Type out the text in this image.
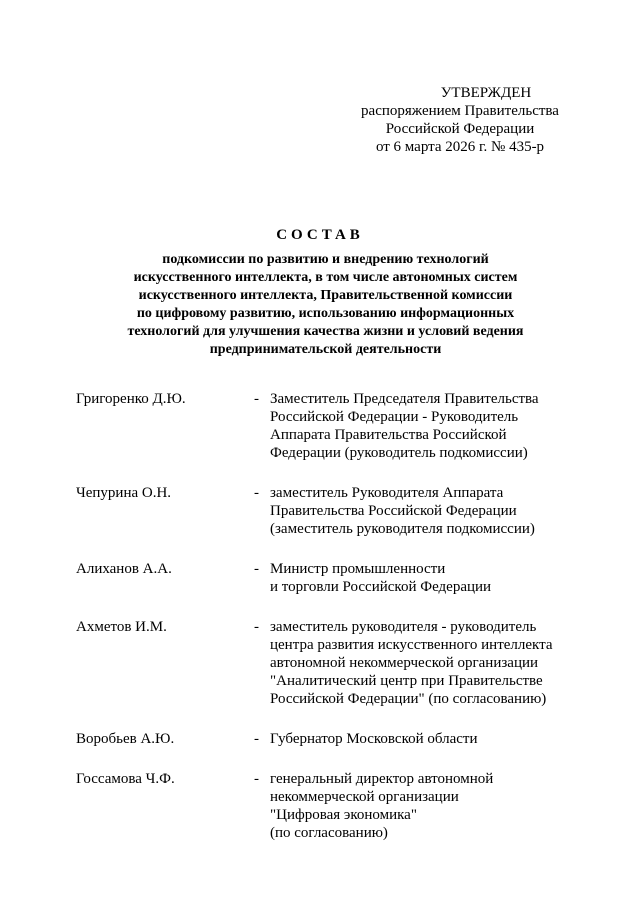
УТВЕРЖДЕН
распоряжением Правительства
Российской Федерации
от 6 марта 2026 г. № 435-р
СОСТАВ
подкомиссии по развитию и внедрению технологий
искусственного интеллекта, в том числе автономных систем
искусственного интеллекта, Правительственной комиссии
по цифровому развитию, использованию информационных
технологий для улучшения качества жизни и условий ведения
предпринимательской деятельности
Григоренко Д.Ю.	- Заместитель Председателя Правительства
Российской Федерации - Руководитель
Аппарата Правительства Российской
Федерации (руководитель подкомиссии)
Чепурина О.Н.	- заместитель Руководителя Аппарата
Правительства Российской Федерации
(заместитель руководителя подкомиссии)
Алиханов А.А.	- Министр промышленности
и торговли Российской Федерации
Ахметов И.М.	- заместитель руководителя - руководитель
центра развития искусственного интеллекта
автономной некоммерческой организации
"Аналитический центр при Правительстве
Российской Федерации" (по согласованию)
Воробьев А.Ю.	- Губернатор Московской области
Госсамова Ч.Ф.	- генеральный директор автономной
некоммерческой организации
"Цифровая экономика"
(по согласованию)
